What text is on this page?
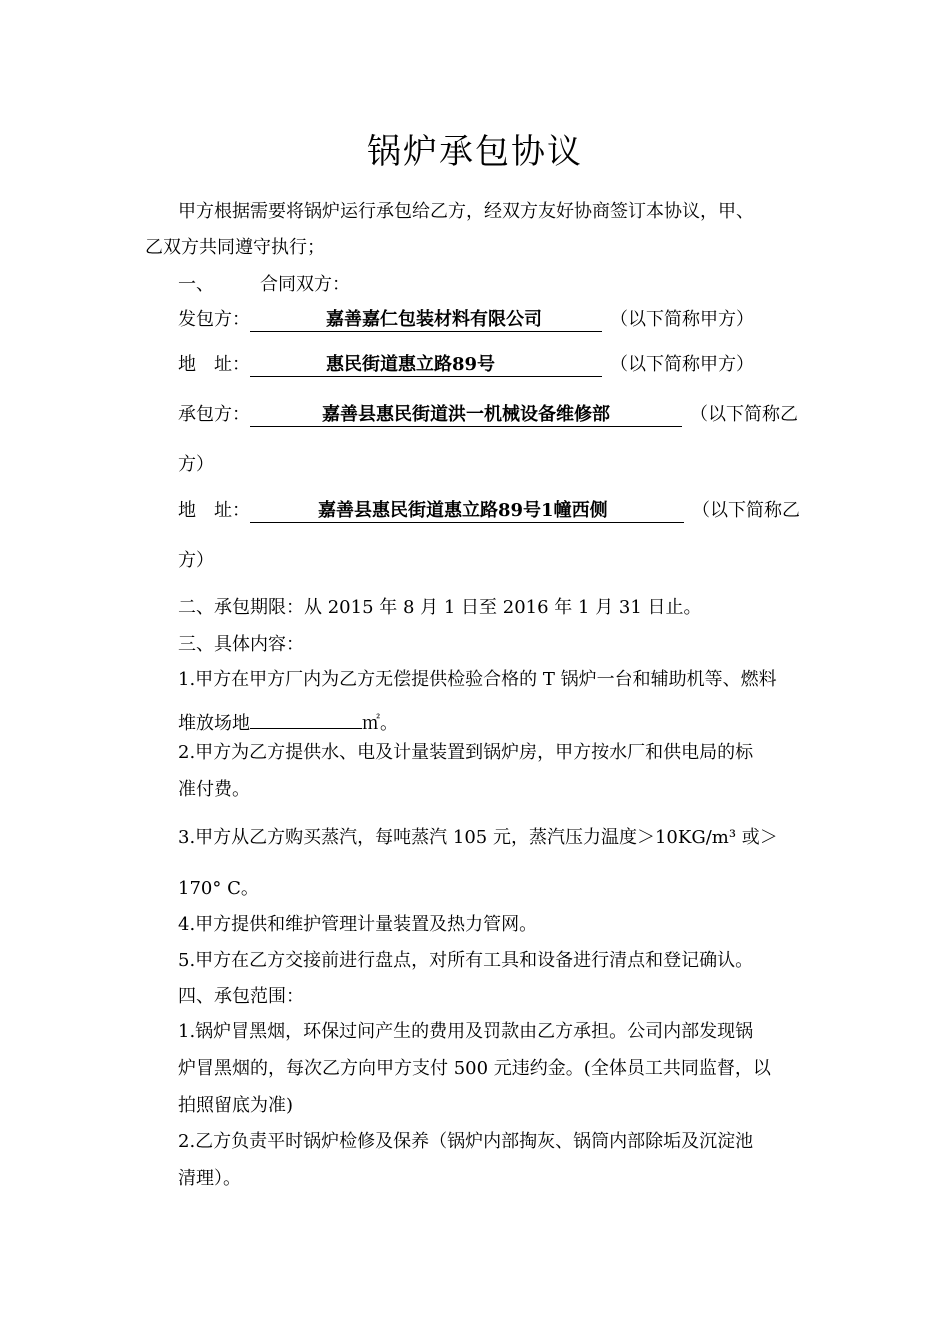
锅炉承包协议
甲方根据需要将锅炉运行承包给乙方，经双方友好协商签订本协议，甲、
乙双方共同遵守执行；
一、	合同双方：
发包方：	嘉善嘉仁包装材料有限公司	（以下简称甲方）
地　址：	惠民街道惠立路89号	（以下简称甲方）
承包方：	嘉善县惠民街道洪一机械设备维修部	（以下简称乙
方）
地　址：	嘉善县惠民街道惠立路89号1幢西侧	（以下简称乙
方）
二、承包期限：从 2015 年 8 月 1 日至 2016 年 1 月 31 日止。
三、具体内容：
1.甲方在甲方厂内为乙方无偿提供检验合格的 T 锅炉一台和辅助机等、燃料
堆放场地	㎡。
2.甲方为乙方提供水、电及计量装置到锅炉房，甲方按水厂和供电局的标
准付费。
3.甲方从乙方购买蒸汽，每吨蒸汽 105 元，蒸汽压力温度＞10KG/m³ 或＞
170° C。
4.甲方提供和维护管理计量装置及热力管网。
5.甲方在乙方交接前进行盘点，对所有工具和设备进行清点和登记确认。
四、承包范围：
1.锅炉冒黑烟，环保过问产生的费用及罚款由乙方承担。公司内部发现锅
炉冒黑烟的，每次乙方向甲方支付 500 元违约金。(全体员工共同监督，以
拍照留底为准)
2.乙方负责平时锅炉检修及保养（锅炉内部掏灰、锅筒内部除垢及沉淀池
清理）。
